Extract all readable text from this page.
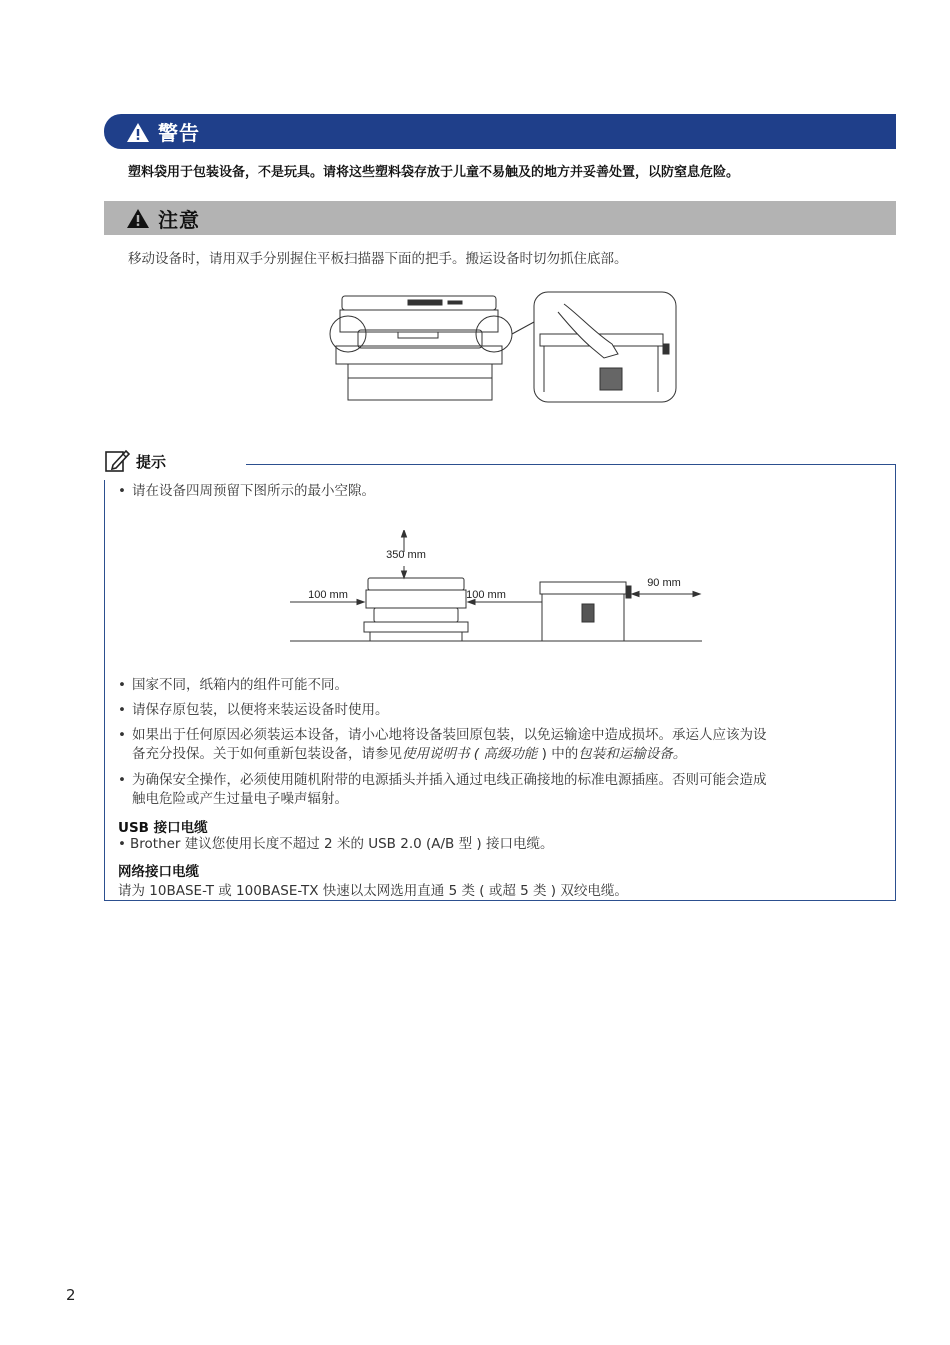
警告
塑料袋用于包装设备，不是玩具。请将这些塑料袋存放于儿童不易触及的地方并妥善处置，以防窒息危险。
注意
移动设备时，请用双手分别握住平板扫描器下面的把手。搬运设备时切勿抓住底部。
提示
• 请在设备四周预留下图所示的最小空隙。
350 mm
100 mm	100 mm
90 mm
• 国家不同，纸箱内的组件可能不同。
• 请保存原包装，以便将来装运设备时使用。
• 如果出于任何原因必须装运本设备，请小心地将设备装回原包装，以免运输途中造成损坏。承运人应该为设
备充分投保。关于如何重新包装设备，请参见使用说明书 ( 高级功能 ) 中的包装和运输设备。
• 为确保安全操作，必须使用随机附带的电源插头并插入通过电线正确接地的标准电源插座。否则可能会造成
触电危险或产生过量电子噪声辐射。
USB 接口电缆
• Brother 建议您使用长度不超过 2 米的 USB 2.0 (A/B 型 ) 接口电缆。
网络接口电缆
请为 10BASE-T 或 100BASE-TX 快速以太网选用直通 5 类 ( 或超 5 类 ) 双绞电缆。
2
